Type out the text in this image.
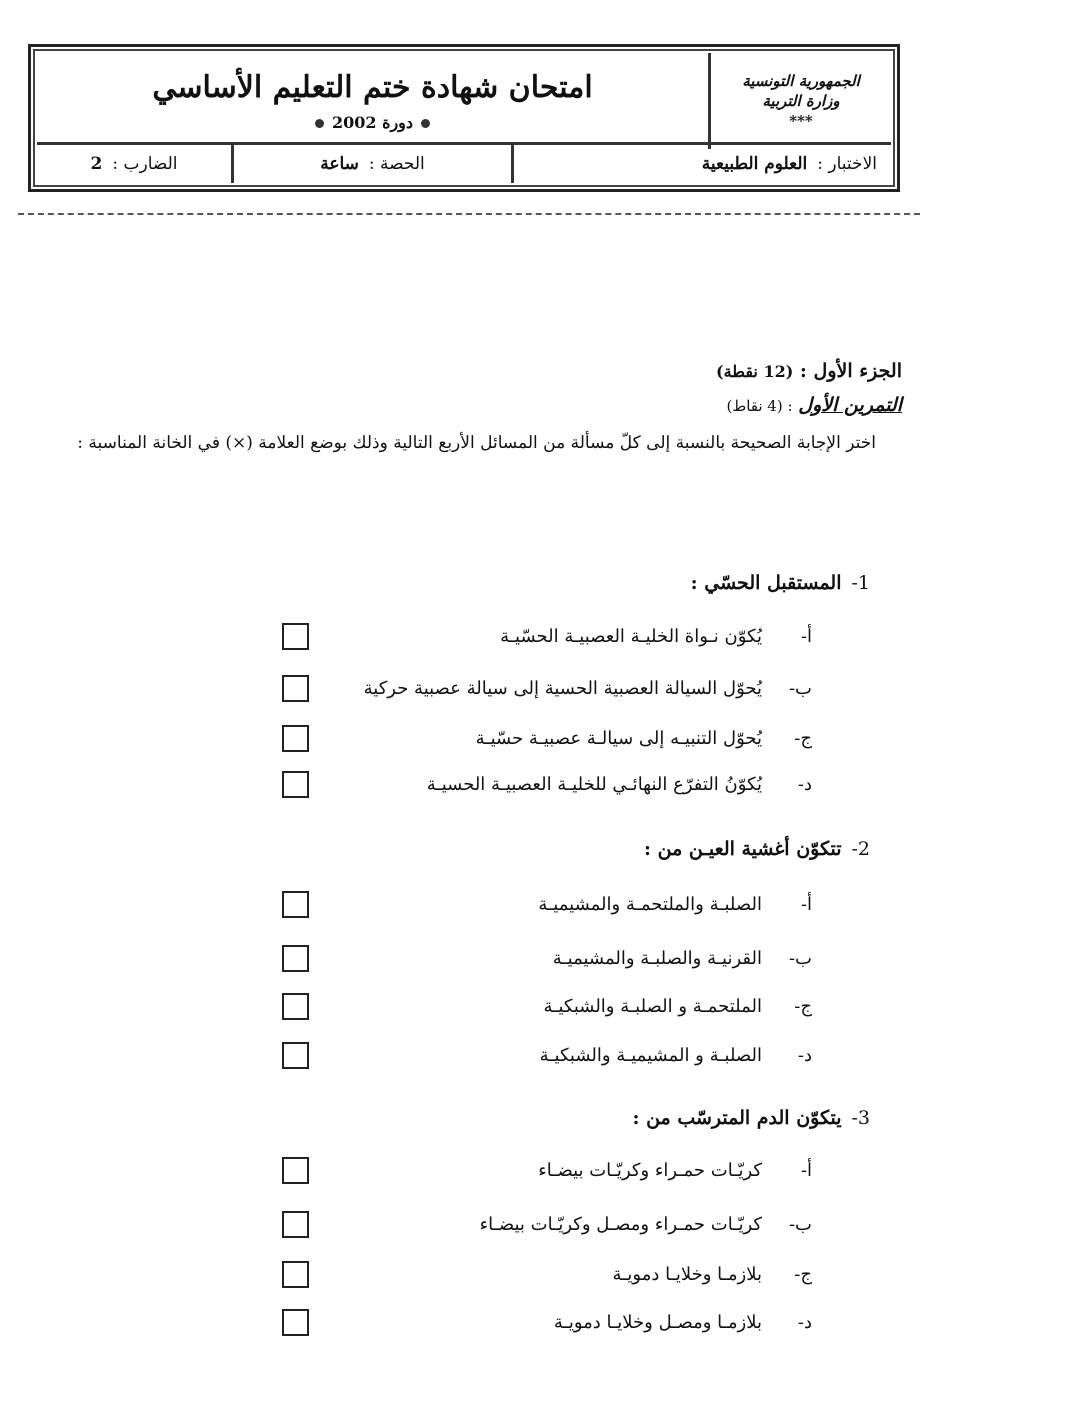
الجمهورية التونسية
وزارة التربية
***
امتحان شهادة ختم التعليم الأساسي
دورة 2002
الاختبار :
العلوم الطبيعية
الحصة :
ساعة
الضارب :
2
الجزء الأول : (12 نقطة)
التمرين الأول : (4 نقاط)
اختر الإجابة الصحيحة بالنسبة إلى كلّ مسألة من المسائل الأربع التالية وذلك بوضع العلامة (×) في الخانة المناسبة :
1-المستقبل الحسّي :
أ-
يُكوّن نـواة الخليـة العصبيـة الحسّيـة
ب-
يُحوّل السيالة العصبية الحسية إلى سيالة عصبية حركية
ج-
يُحوّل التنبيـه إلى سيالـة عصبيـة حسّيـة
د-
يُكوّنُ التفرّع النهائـي للخليـة العصبيـة الحسيـة
2-تتكوّن أغشية العيـن من :
أ-
الصلبـة والملتحمـة والمشيميـة
ب-
القرنيـة والصلبـة والمشيميـة
ج-
الملتحمـة و الصلبـة والشبكيـة
د-
الصلبـة و المشيميـة والشبكيـة
3-يتكوّن الدم المترسّب من :
أ-
كريّـات حمـراء وكريّـات بيضـاء
ب-
كريّـات حمـراء ومصـل وكريّـات بيضـاء
ج-
بلازمـا وخلايـا دمويـة
د-
بلازمـا ومصـل وخلايـا دمويـة
